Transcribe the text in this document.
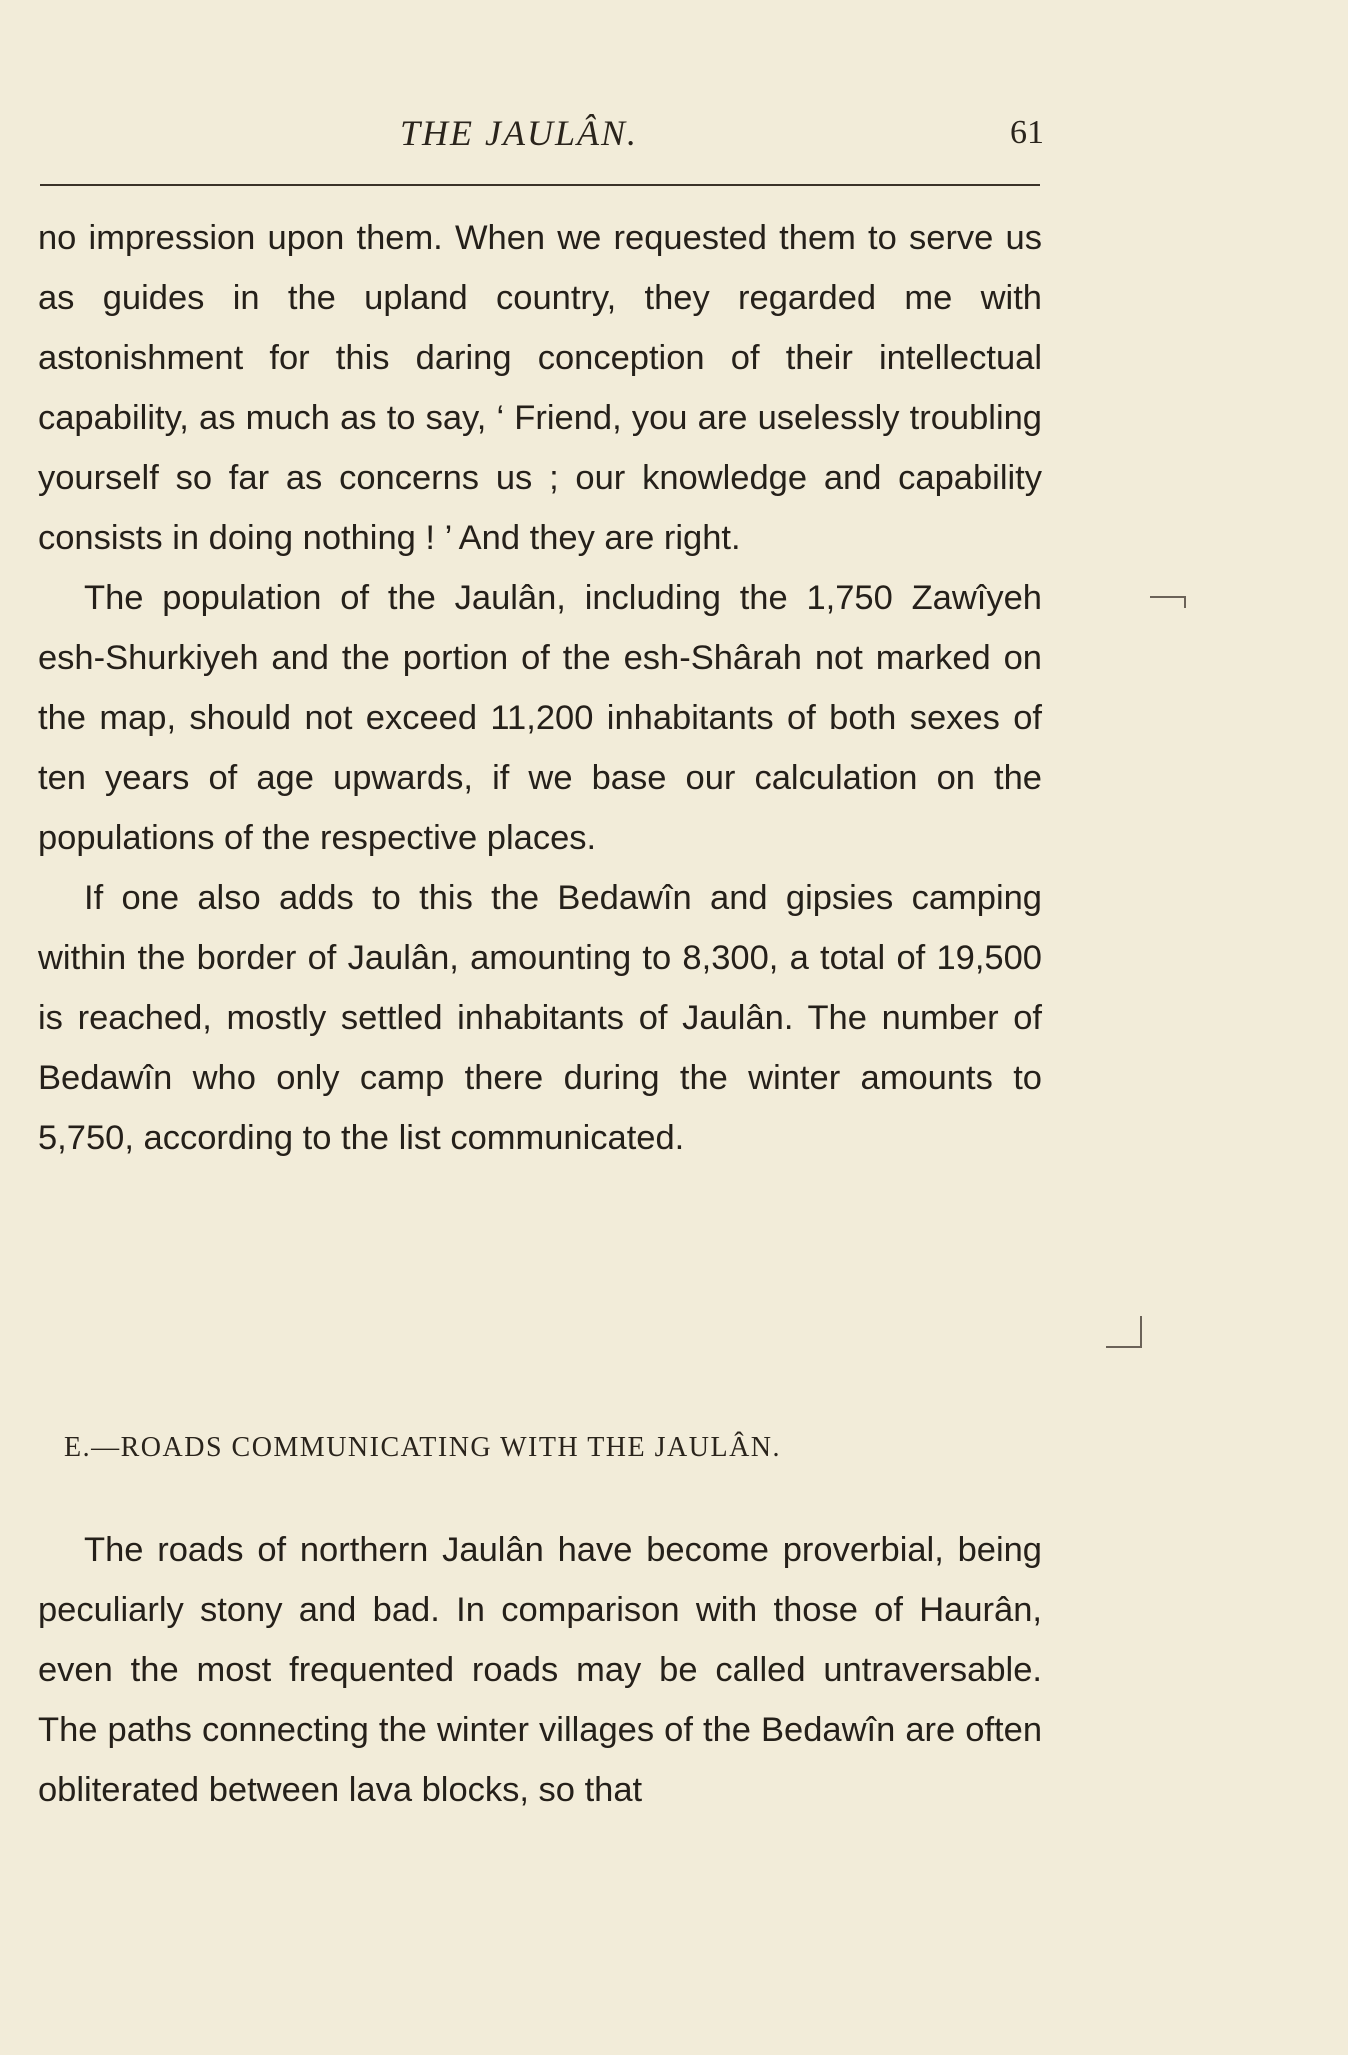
THE JAULÂN.	61

no impression upon them. When we requested them to serve us as guides in the upland country, they regarded me with astonishment for this daring conception of their intellectual capability, as much as to say, ‘ Friend, you are uselessly troubling yourself so far as concerns us ; our knowledge and capability consists in doing nothing ! ’ And they are right.

The population of the Jaulân, including the 1,750 Zawîyeh esh-Shurkiyeh and the portion of the esh-Shârah not marked on the map, should not exceed 11,200 inhabitants of both sexes of ten years of age upwards, if we base our calculation on the populations of the respective places.

If one also adds to this the Bedawîn and gipsies camping within the border of Jaulân, amounting to 8,300, a total of 19,500 is reached, mostly settled inhabitants of Jaulân. The number of Bedawîn who only camp there during the winter amounts to 5,750, according to the list communicated.

E.—ROADS COMMUNICATING WITH THE JAULÂN.

The roads of northern Jaulân have become proverbial, being peculiarly stony and bad. In comparison with those of Haurân, even the most frequented roads may be called untraversable. The paths connecting the winter villages of the Bedawîn are often obliterated between lava blocks, so that
